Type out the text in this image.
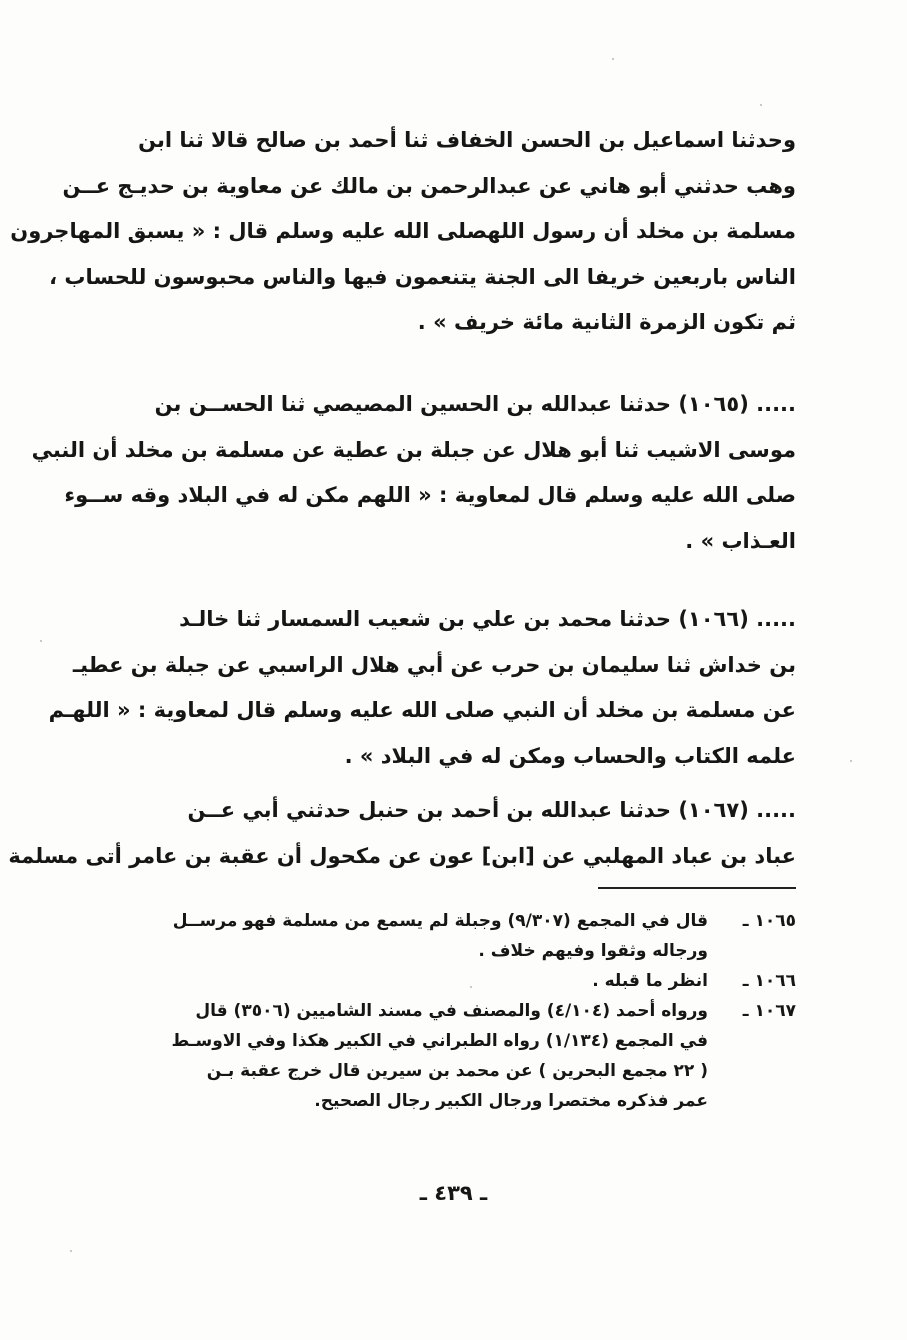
وحدثنا اسماعيل بن الحسن الخفاف ثنا أحمد بن صالح قالا ثنا ابن
وهب حدثني أبو هاني عن عبدالرحمن بن مالك عن معاوية بن حديـج عــن
مسلمة بن مخلد أن رسول اللهصلى الله عليه وسلم قال : « يسبق المهاجرون
الناس باربعين خريفا الى الجنة يتنعمون فيها والناس محبوسون للحساب ،
ثم تكون الزمرة الثانية مائة خريف » .
..... (١٠٦٥) حدثنا عبدالله بن الحسين المصيصي ثنا الحســن بن
موسى الاشيب ثنا أبو هلال عن جبلة بن عطية عن مسلمة بن مخلد أن النبي
صلى الله عليه وسلم قال لمعاوية : « اللهم مكن له في البلاد وقه ســوء
العـذاب » .
..... (١٠٦٦) حدثنا محمد بن علي بن شعيب السمسار ثنا خالـد
بن خداش ثنا سليمان بن حرب عن أبي هلال الراسبي عن جبلة بن عطيـ
عن مسلمة بن مخلد أن النبي صلى الله عليه وسلم قال لمعاوية : « اللهـم
علمه الكتاب والحساب ومكن له في البلاد » .
..... (١٠٦٧) حدثنا عبدالله بن أحمد بن حنبل حدثني أبي عــن
عباد بن عباد المهلبي عن [ابن] عون عن مكحول أن عقبة بن عامر أتى مسلمة
١٠٦٥ ـ
قال في المجمع (٩/٣٠٧) وجبلة لم يسمع من مسلمة فهو مرســل
ورجاله وثقوا وفيهم خلاف .
١٠٦٦ ـ
انظر ما قبله .
١٠٦٧ ـ
ورواه أحمد (٤/١٠٤) والمصنف في مسند الشاميين (٣٥٠٦) قال
في المجمع (١/١٣٤) رواه الطبراني في الكبير هكذا وفي الاوسـط
( ٢٢ مجمع البحرين ) عن محمد بن سيرين قال خرج عقبة بـن
عمر فذكره مختصرا ورجال الكبير رجال الصحيح.
ـ ٤٣٩ ـ
